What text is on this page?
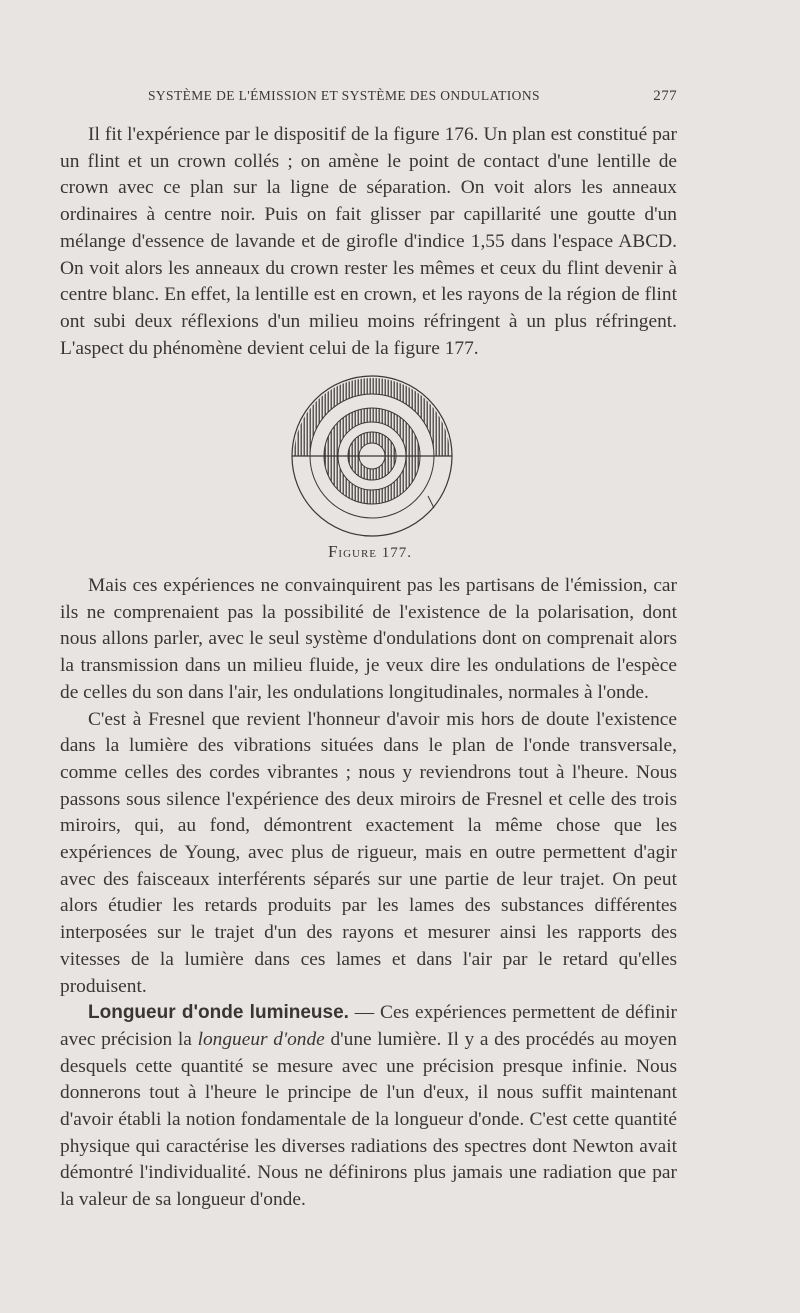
SYSTÈME DE L'ÉMISSION ET SYSTÈME DES ONDULATIONS	277

Il fit l'expérience par le dispositif de la figure 176. Un plan est constitué par un flint et un crown collés ; on amène le point de contact d'une lentille de crown avec ce plan sur la ligne de séparation. On voit alors les anneaux ordinaires à centre noir. Puis on fait glisser par capillarité une goutte d'un mélange d'essence de lavande et de girofle d'indice 1,55 dans l'espace ABCD. On voit alors les anneaux du crown rester les mêmes et ceux du flint devenir à centre blanc. En effet, la lentille est en crown, et les rayons de la région de flint ont subi deux réflexions d'un milieu moins réfringent à un plus réfringent. L'aspect du phénomène devient celui de la figure 177.

Figure 177.

Mais ces expériences ne convainquirent pas les partisans de l'émission, car ils ne comprenaient pas la possibilité de l'existence de la polarisation, dont nous allons parler, avec le seul système d'ondulations dont on comprenait alors la transmission dans un milieu fluide, je veux dire les ondulations de l'espèce de celles du son dans l'air, les ondulations longitudinales, normales à l'onde.

C'est à Fresnel que revient l'honneur d'avoir mis hors de doute l'existence dans la lumière des vibrations situées dans le plan de l'onde transversale, comme celles des cordes vibrantes ; nous y reviendrons tout à l'heure. Nous passons sous silence l'expérience des deux miroirs de Fresnel et celle des trois miroirs, qui, au fond, démontrent exactement la même chose que les expériences de Young, avec plus de rigueur, mais en outre permettent d'agir avec des faisceaux interférents séparés sur une partie de leur trajet. On peut alors étudier les retards produits par les lames des substances différentes interposées sur le trajet d'un des rayons et mesurer ainsi les rapports des vitesses de la lumière dans ces lames et dans l'air par le retard qu'elles produisent.

Longueur d'onde lumineuse. — Ces expériences permettent de définir avec précision la longueur d'onde d'une lumière. Il y a des procédés au moyen desquels cette quantité se mesure avec une précision presque infinie. Nous donnerons tout à l'heure le principe de l'un d'eux, il nous suffit maintenant d'avoir établi la notion fondamentale de la longueur d'onde. C'est cette quantité physique qui caractérise les diverses radiations des spectres dont Newton avait démontré l'individualité. Nous ne définirons plus jamais une radiation que par la valeur de sa longueur d'onde.
